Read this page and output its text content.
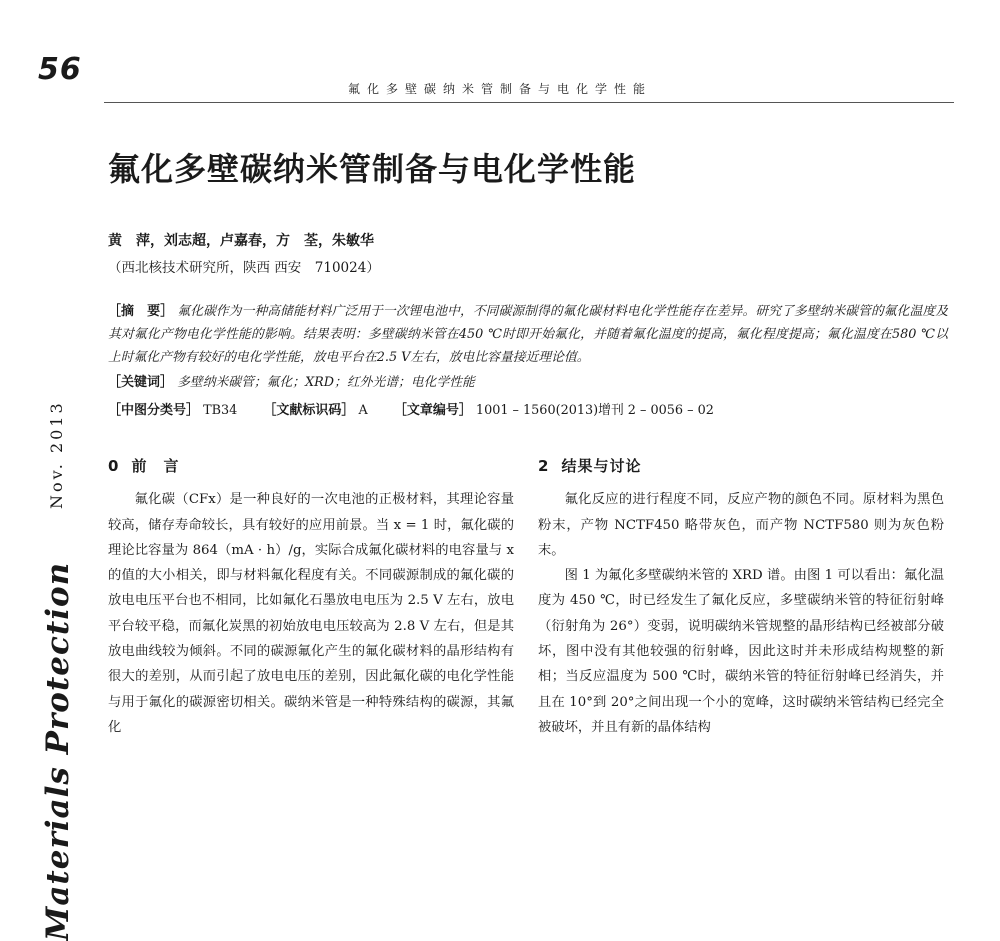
56
氟化多壁碳纳米管制备与电化学性能
Materials Protection
Nov. 2013
氟化多壁碳纳米管制备与电化学性能
黄　萍，刘志超，卢嘉春，方　荃，朱敏华
（西北核技术研究所，陕西 西安　710024）
［摘　要］ 氟化碳作为一种高储能材料广泛用于一次锂电池中，不同碳源制得的氟化碳材料电化学性能存在差异。研究了多壁纳米碳管的氟化温度及其对氟化产物电化学性能的影响。结果表明：多壁碳纳米管在450 ℃时即开始氟化，并随着氟化温度的提高，氟化程度提高；氟化温度在580 ℃以上时氟化产物有较好的电化学性能，放电平台在2.5 V左右，放电比容量接近理论值。
［关键词］ 多壁纳米碳管；氟化；XRD；红外光谱；电化学性能
［中图分类号］ TB34 ［文献标识码］ A ［文章编号］ 1001 – 1560(2013)增刊 2 – 0056 – 02
0 前　言

氟化碳（CFx）是一种良好的一次电池的正极材料，其理论容量较高，储存寿命较长，具有较好的应用前景。当 x = 1 时，氟化碳的理论比容量为 864（mA · h）/g，实际合成氟化碳材料的电容量与 x 的值的大小相关，即与材料氟化程度有关。不同碳源制成的氟化碳的放电电压平台也不相同，比如氟化石墨放电电压为 2.5 V 左右，放电平台较平稳，而氟化炭黑的初始放电电压较高为 2.8 V 左右，但是其放电曲线较为倾斜。不同的碳源氟化产生的氟化碳材料的晶形结构有很大的差别，从而引起了放电电压的差别，因此氟化碳的电化学性能与用于氟化的碳源密切相关。碳纳米管是一种特殊结构的碳源，其氟化

2 结果与讨论

氟化反应的进行程度不同，反应产物的颜色不同。原材料为黑色粉末，产物 NCTF450 略带灰色，而产物 NCTF580 则为灰色粉末。

图 1 为氟化多壁碳纳米管的 XRD 谱。由图 1 可以看出：氟化温度为 450 ℃，时已经发生了氟化反应，多壁碳纳米管的特征衍射峰（衍射角为 26°）变弱，说明碳纳米管规整的晶形结构已经被部分破坏，图中没有其他较强的衍射峰，因此这时并未形成结构规整的新相；当反应温度为 500 ℃时，碳纳米管的特征衍射峰已经消失，并且在 10°到 20°之间出现一个小的宽峰，这时碳纳米管结构已经完全被破坏，并且有新的晶体结构
